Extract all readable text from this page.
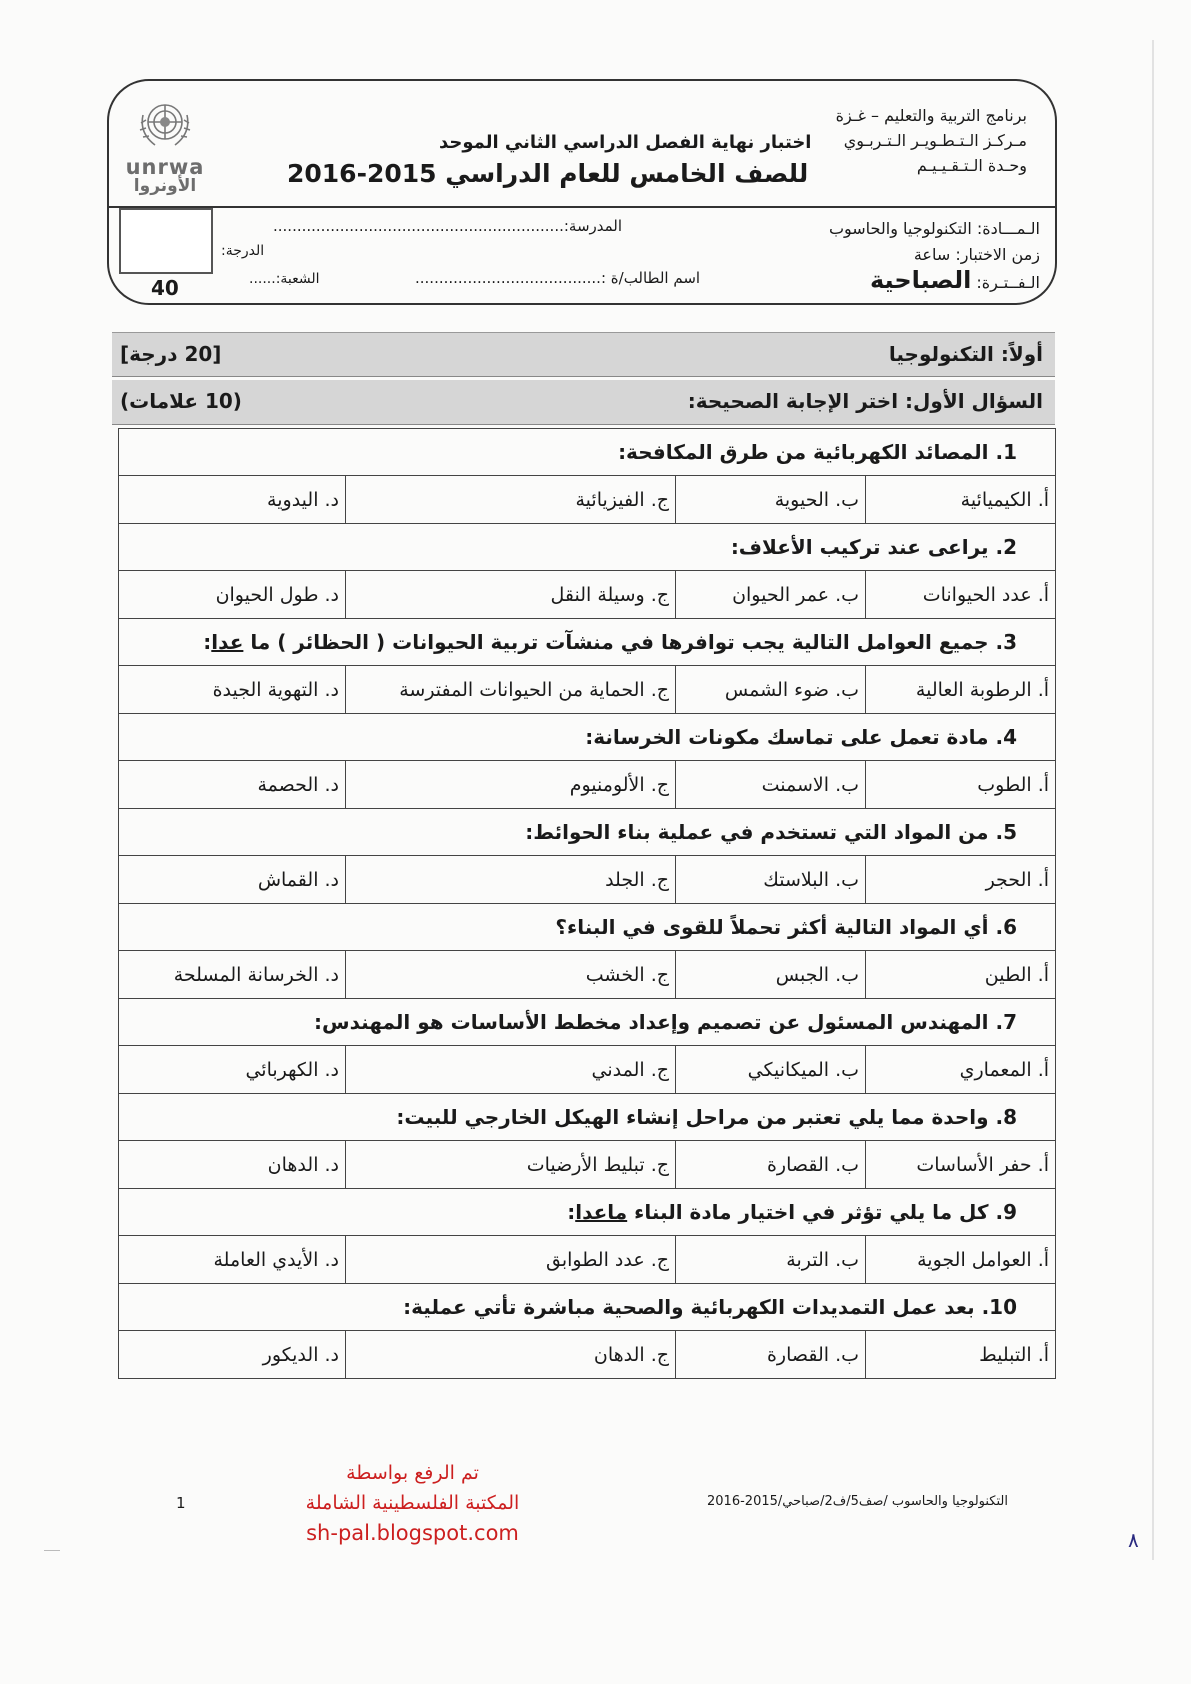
٨
unrwa
الأونروا
برنامج التربية والتعليم – غـزة
مـركـز الـتـطـويـر الـتـربـوي
وحـدة الـتـقـيـيـم
اختبار نهاية الفصل الدراسي الثاني الموحد
للصف الخامس للعام الدراسي 2015-2016
40
الدرجة:
الـمـــادة: التكنولوجيا والحاسوب
المدرسة:.............................................................
زمن الاختبار: ساعة
الـفــتـرة: الصباحية
اسم الطالب/ة :.......................................
الشعبة:......
أولاً: التكنولوجيا
[20 درجة]
السؤال الأول: اختر الإجابة الصحيحة:
(10 علامات)
1. المصائد الكهربائية من طرق المكافحة:			
أ. الكيميائية	ب. الحيوية	ج. الفيزيائية	د. اليدوية
2. يراعى عند تركيب الأعلاف:			
أ. عدد الحيوانات	ب. عمر الحيوان	ج. وسيلة النقل	د. طول الحيوان
3. جميع العوامل التالية يجب توافرها في منشآت تربية الحيوانات ( الحظائر ) ما عدا:			
أ. الرطوبة العالية	ب. ضوء الشمس	ج. الحماية من الحيوانات المفترسة	د. التهوية الجيدة
4. مادة تعمل على تماسك مكونات الخرسانة:			
أ. الطوب	ب. الاسمنت	ج. الألومنيوم	د. الحصمة
5. من المواد التي تستخدم في عملية بناء الحوائط:			
أ. الحجر	ب. البلاستك	ج. الجلد	د. القماش
6. أي المواد التالية أكثر تحملاً للقوى في البناء؟			
أ. الطين	ب. الجبس	ج. الخشب	د. الخرسانة المسلحة
7. المهندس المسئول عن تصميم وإعداد مخطط الأساسات هو المهندس:			
أ. المعماري	ب. الميكانيكي	ج. المدني	د. الكهربائي
8. واحدة مما يلي تعتبر من مراحل إنشاء الهيكل الخارجي للبيت:			
أ. حفر الأساسات	ب. القصارة	ج. تبليط الأرضيات	د. الدهان
9. كل ما يلي تؤثر في اختيار مادة البناء ماعدا:			
أ. العوامل الجوية	ب. التربة	ج. عدد الطوابق	د. الأيدي العاملة
10. بعد عمل التمديدات الكهربائية والصحية مباشرة تأتي عملية:			
أ. التبليط	ب. القصارة	ج. الدهان	د. الديكور
التكنولوجيا والحاسوب /صف5/ف2/صباحي/2015-2016
1
تم الرفع بواسطة
المكتبة الفلسطينية الشاملة
sh-pal.blogspot.com
